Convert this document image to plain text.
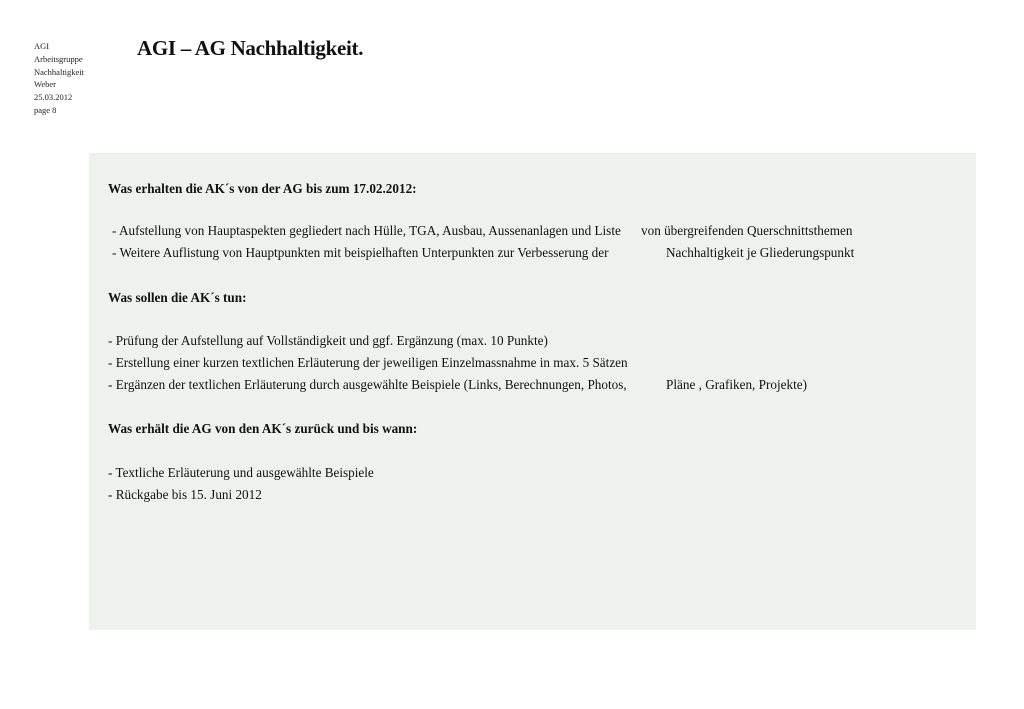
AGI
Arbeitsgruppe
Nachhaltigkeit
Weber
25.03.2012
page 8
AGI – AG Nachhaltigkeit.
Was erhalten die AK´s von der AG bis zum 17.02.2012:
- Aufstellung von Hauptaspekten gegliedert nach Hülle, TGA, Ausbau, Aussenanlagen und Liste von übergreifenden Querschnittsthemen
- Weitere Auflistung von Hauptpunkten mit beispielhaften Unterpunkten zur Verbesserung der	Nachhaltigkeit je Gliederungspunkt
Was sollen die AK´s tun:
- Prüfung der Aufstellung auf Vollständigkeit und ggf. Ergänzung (max. 10 Punkte)
- Erstellung einer kurzen textlichen Erläuterung der jeweiligen Einzelmassnahme in max. 5 Sätzen
- Ergänzen der textlichen Erläuterung durch ausgewählte Beispiele (Links, Berechnungen, Photos,	Pläne , Grafiken, Projekte)
Was erhält die AG von den AK´s zurück und bis wann:
- Textliche Erläuterung und ausgewählte Beispiele
- Rückgabe bis 15. Juni 2012
